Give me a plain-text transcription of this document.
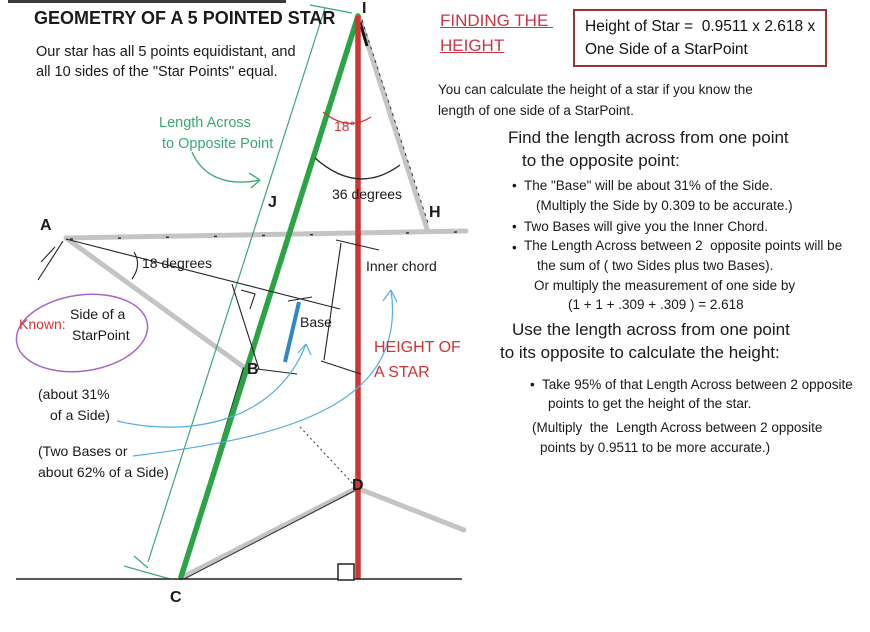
GEOMETRY OF A 5 POINTED STAR
Our star has all 5 points equidistant, and
all 10 sides of the "Star Points" equal.
Length Across
to Opposite Point
A
J
H
I
B
C
D
18°
36 degrees
18 degrees	Inner chord
Base
HEIGHT OF
A STAR
Known:
Side of a
StarPoint
(about 31%
of a Side)
(Two Bases or
about 62% of a Side)
FINDING THE
HEIGHT
Height of Star =  0.9511 x 2.618 x
One Side of a StarPoint
You can calculate the height of a star if you know the
length of one side of a StarPoint.
Find the length across from one point
to the opposite point:
• The "Base" will be about 31% of the Side.
(Multiply the Side by 0.309 to be accurate.)
• Two Bases will give you the Inner Chord.
• The Length Across between 2  opposite points will be
the sum of ( two Sides plus two Bases).
Or multiply the measurement of one side by
(1 + 1 + .309 + .309 ) = 2.618
Use the length across from one point
to its opposite to calculate the height:
• Take 95% of that Length Across between 2 opposite
points to get the height of the star.
(Multiply  the  Length Across between 2 opposite
points by 0.9511 to be more accurate.)
